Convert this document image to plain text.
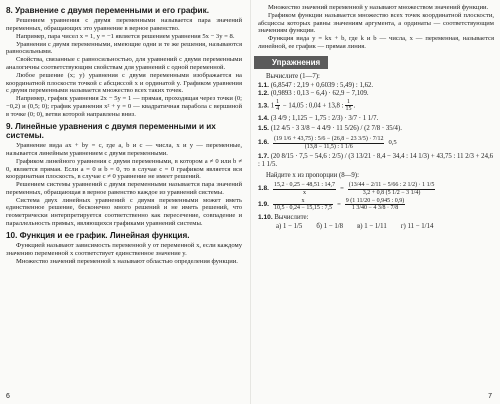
8. Уравнение с двумя переменными и его график.

Решением уравнения с двумя переменными называется пара значений переменных, обращающих это уравнение в верное равенство.

Например, пара чисел x = 1, y = −1 является решением уравнения 5x − 3y = 8.

Уравнения с двумя переменными, имеющие одни и те же решения, называются равносильными.

Свойства, связанные с равносильностью, для уравнений с двумя переменными аналогичны соответствующим свойствам для уравнений с одной переменной.

Любое решение (x; y) уравнения с двумя переменными изображается на координатной плоскости точкой с абсциссой x и ординатой y. Графиком уравнения с двумя переменными называется множество всех таких точек.

Например, график уравнения 2x − 5y = 1 — прямая, проходящая через точки (0; −0,2) и (0,5; 0); график уравнения x² + y = 0 — квадратичная парабола с вершиной в точке (0; 0), ветви которой направлены вниз.

9. Линейные уравнения с двумя переменными и их системы.

Уравнение вида ax + by = c, где a, b и c — числа, x и y — переменные, называется линейным уравнением с двумя переменными.

Графиком линейного уравнения с двумя переменными, в котором a ≠ 0 или b ≠ 0, является прямая. Если a = 0 и b = 0, то в случае c = 0 графиком является вся координатная плоскость, в случае c ≠ 0 уравнение не имеет решений.

Решением системы уравнений с двумя переменными называется пара значений переменных, обращающая в верное равенство каждое из уравнений системы.

Система двух линейных уравнений с двумя переменными может иметь единственное решение, бесконечно много решений и не иметь решений, что геометрически интерпретируется соответственно как пересечение, совпадение и параллельность прямых, являющихся графиками уравнений системы.

10. Функция и ее график. Линейная функция.

Функцией называют зависимость переменной y от переменной x, если каждому значению переменной x соответствует единственное значение y.

Множество значений переменной x называют областью определения функции.

6

Множество значений переменной y называют множеством значений функции.

Графиком функции называется множество всех точек координатной плоскости, абсциссы которых равны значениям аргумента, а ординаты — соответствующим значениям функции.

Функция вида y = kx + b, где k и b — числа, x — переменная, называется линейной, ее график — прямая линия.

Упражнения
Вычислите (1—7):
1.1. (6,8547 : 2,19 + 0,6039 : 5,49) : 1,62.
1.2. (0,9893 : 0,13 − 6,4) · 62,9 − 7,109.
1.3. $1 \frac{1}{4} - 14,05$ : 0,04 + 13,8 : $\frac{1}{15}$ .
1.4. (3 4/9 ; 1,125 − 1,75 : 2/3) · 3/7 · 1 1/7.
1.5. (12 4/5 · 3 3/8 − 4 4/9 · 11 5/26) / (2 7/8 · 35/4).
1.6. $\frac{(19 1/6 + 43,75) : 5/6 - (26,8 - 23 3/5) \cdot 7/12}{(13,8 - 11,5) : 1 1/6} 0,5$
1.7. (20 8/15 · 7,5 − 54,6 : 2/5) / (3 13/21 · 8,4 − 34,4 : 14 1/3) + 43,75 : 11 2/3 + 24,6 : 1 1/5.
Найдите x из пропорции (8—9):
1.8. $\frac{15,2 \cdot 0,25 - 48,51 : 14,7}{x} = \frac{(13/44 - 2/11 - 5/66 : 2 1/2) \cdot 1 1/5}{3,2 + 0,8 (5 1/2 - 3 1/4)}$
1.9. $\frac{x}{10,5 \cdot 0,24 - 15,15 : 7,5} = \frac{9 (1 11/20 - 0,945 : 0,9)}{1 3/40 - 4 3/8 \cdot 7/8}$
1.10. Вычислите:
а) 1 − 1/5 б) 1 − 1/8 в) 1 − 1/11 г) 11 − 1/14
7
